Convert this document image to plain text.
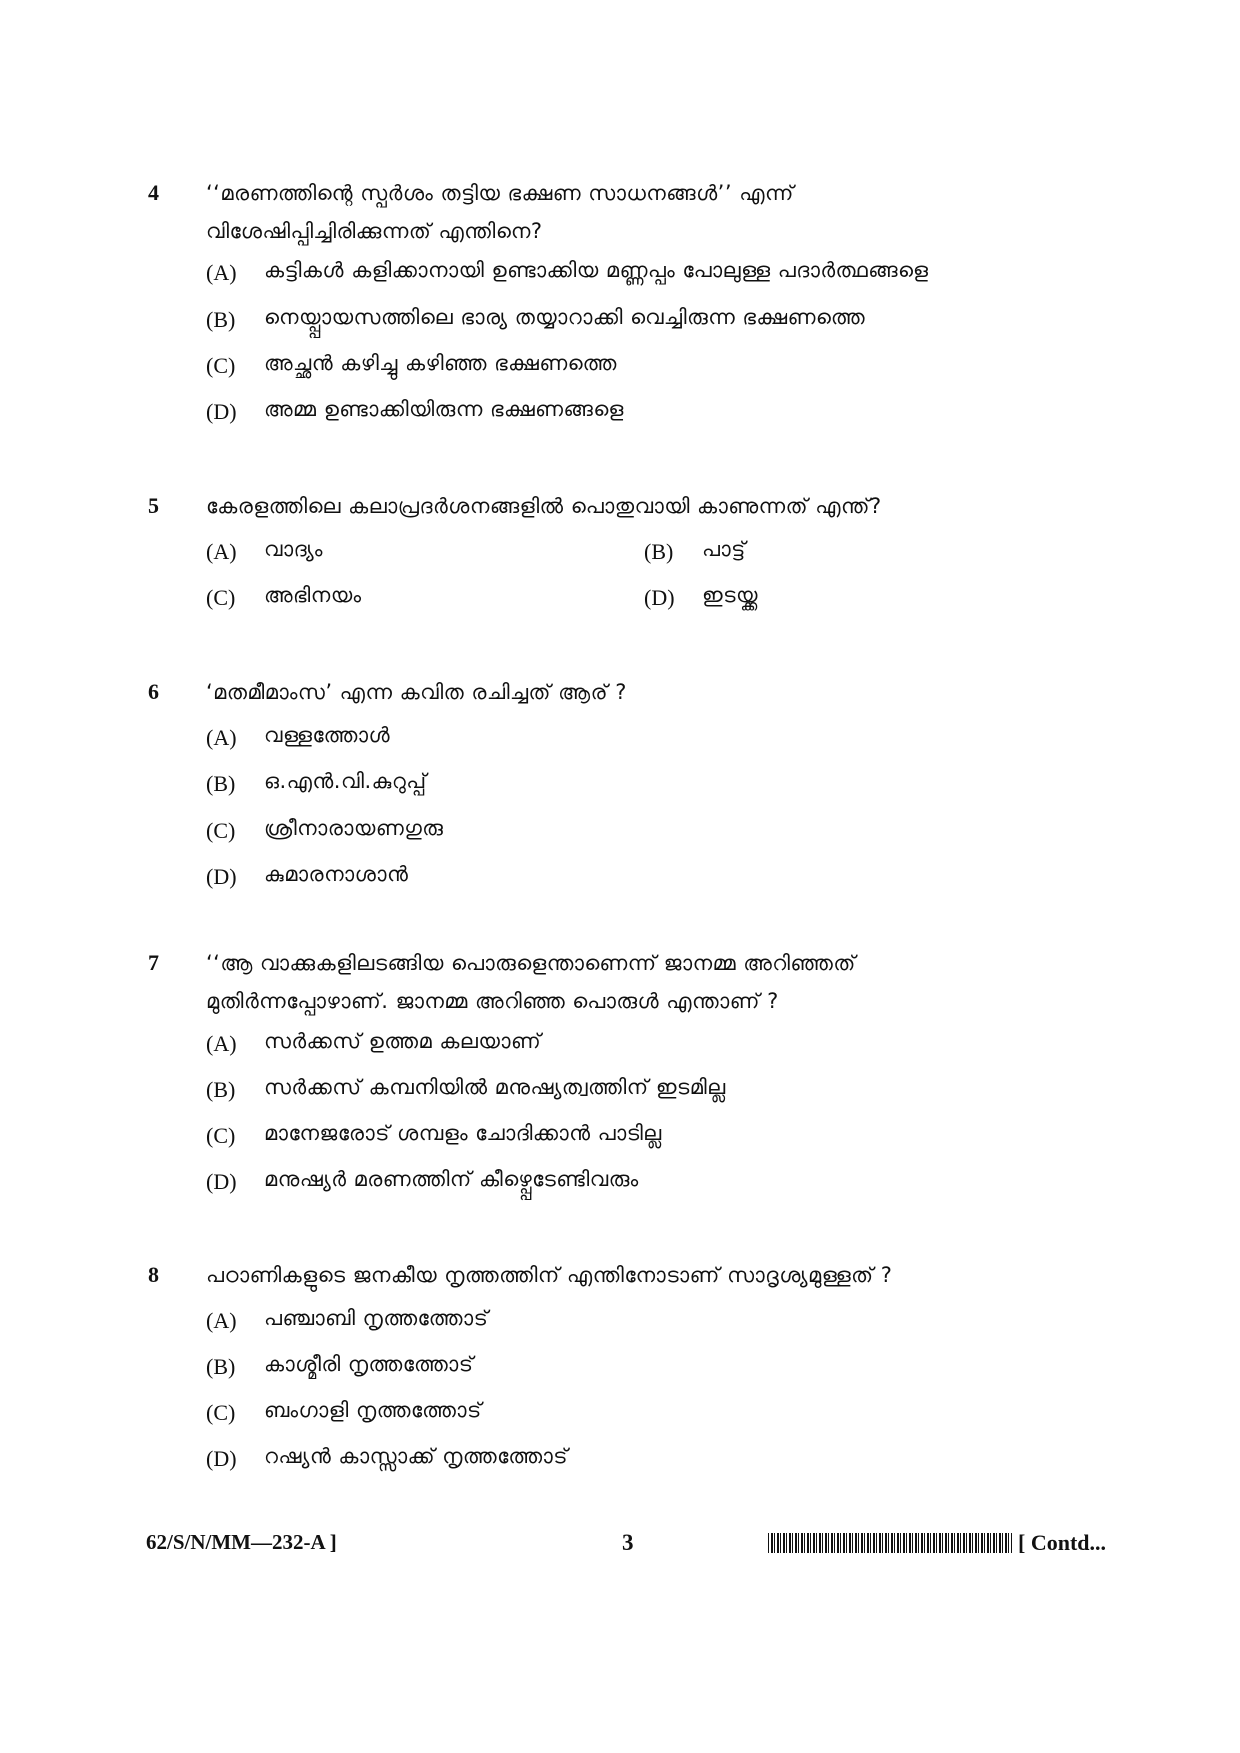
4 ‘‘മരണത്തിന്റെ സ്പർശം തട്ടിയ ഭക്ഷണ സാധനങ്ങൾ’’ എന്ന്
വിശേഷിപ്പിച്ചിരിക്കുന്നത് എന്തിനെ?
(A) കട്ടികൾ കളിക്കാനായി ഉണ്ടാക്കിയ മണ്ണപ്പം പോലുള്ള പദാർത്ഥങ്ങളെ
(B) നെയ്പ്പായസത്തിലെ ഭാര്യ തയ്യാറാക്കി വെച്ചിരുന്ന ഭക്ഷണത്തെ
(C) അച്ഛൻ കഴിച്ചു കഴിഞ്ഞ ഭക്ഷണത്തെ
(D) അമ്മ ഉണ്ടാക്കിയിരുന്ന ഭക്ഷണങ്ങളെ
5 കേരളത്തിലെ കലാപ്രദർശനങ്ങളിൽ പൊതുവായി കാണുന്നത് എന്ത്?
(A) വാദ്യം	(B) പാട്ട്
(C) അഭിനയം	(D) ഇടയ്ക്ക
6 ‘മതമീമാംസ’ എന്ന കവിത രചിച്ചത് ആര് ?
(A) വള്ളത്തോൾ
(B) ഒ.എൻ.വി.കുറുപ്പ്
(C) ശ്രീനാരായണഗുരു
(D) കുമാരനാശാൻ
7 ‘‘ആ വാക്കുകളിലടങ്ങിയ പൊരുളെന്താണെന്ന് ജാനമ്മ അറിഞ്ഞത്
മുതിർന്നപ്പോഴാണ്. ജാനമ്മ അറിഞ്ഞ പൊരുൾ എന്താണ് ?
(A) സർക്കസ് ഉത്തമ കലയാണ്
(B) സർക്കസ് കമ്പനിയിൽ മനുഷ്യത്വത്തിന് ഇടമില്ല
(C) മാനേജരോട് ശമ്പളം ചോദിക്കാൻ പാടില്ല
(D) മനുഷ്യർ മരണത്തിന് കീഴ്പ്പെടേണ്ടിവരും
8 പഠാണികളുടെ ജനകീയ നൃത്തത്തിന് എന്തിനോടാണ് സാദൃശ്യമുള്ളത് ?
(A) പഞ്ചാബി നൃത്തത്തോട്
(B) കാശ്മീരി നൃത്തത്തോട്
(C) ബംഗാളി നൃത്തത്തോട്
(D) റഷ്യൻ കാസ്സാക്ക് നൃത്തത്തോട്
62/S/N/MM—232-A ]	3	[ Contd...
